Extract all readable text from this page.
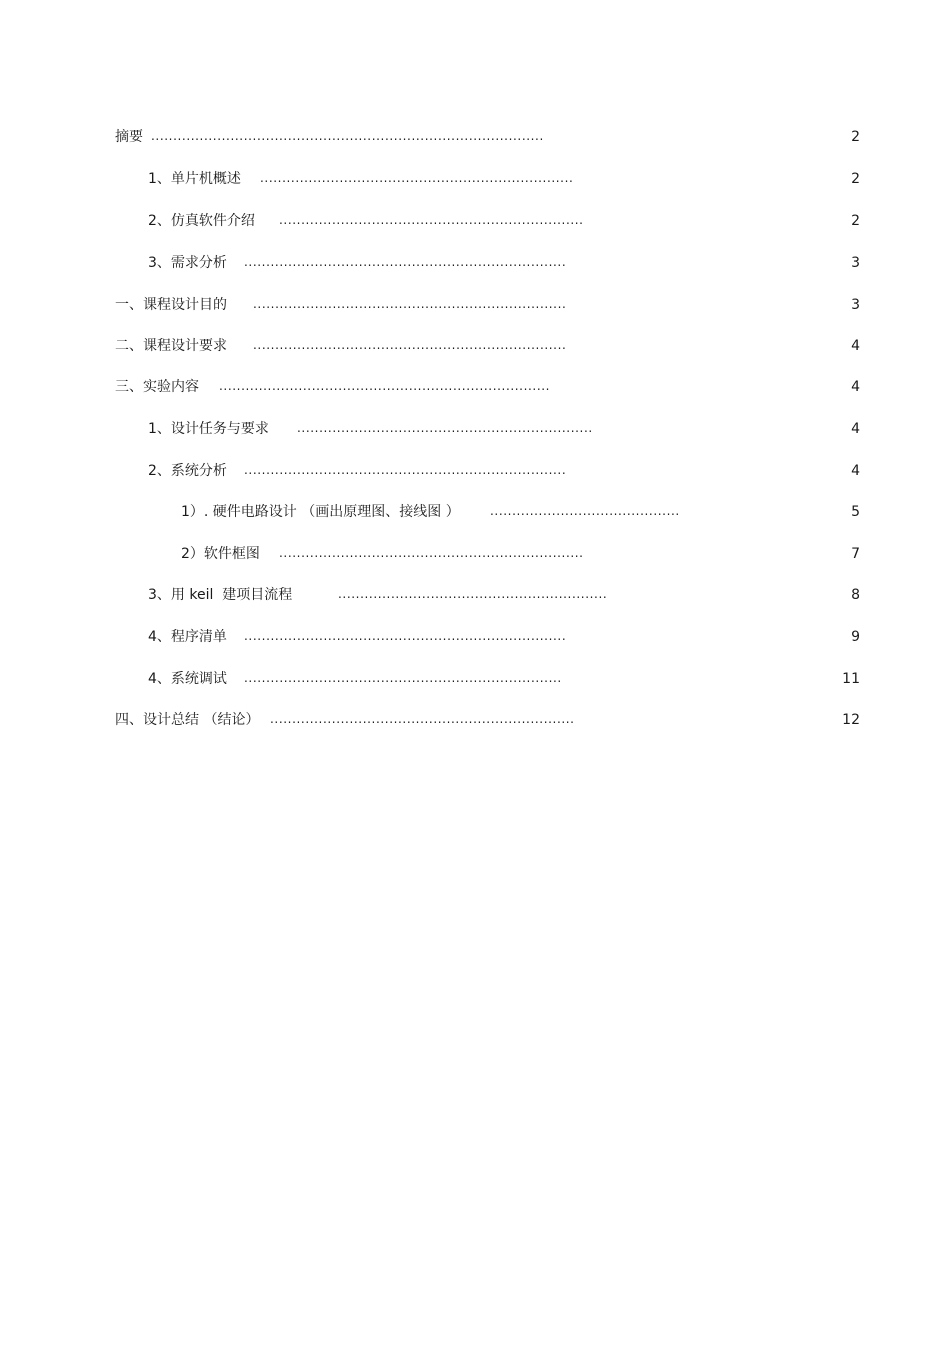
摘要 .........................................................................................	2
1、单片机概述 .......................................................................	2
2、仿真软件介绍 .....................................................................	2
3、需求分析 .........................................................................	3
一、课程设计目的 .......................................................................	3
二、课程设计要求 .......................................................................	4
三、实验内容 ...........................................................................	4
1、设计任务与要求 ...................................................................	4
2、系统分析 .........................................................................	4
1）. 硬件电路设计 （画出原理图、接线图 ）	...........................................	5
2）软件框图 .....................................................................	7
3、用 keil  建项目流程	.............................................................	8
4、程序清单 .........................................................................	9
4、系统调试 ........................................................................	11
四、设计总结 （结论） .....................................................................	12
